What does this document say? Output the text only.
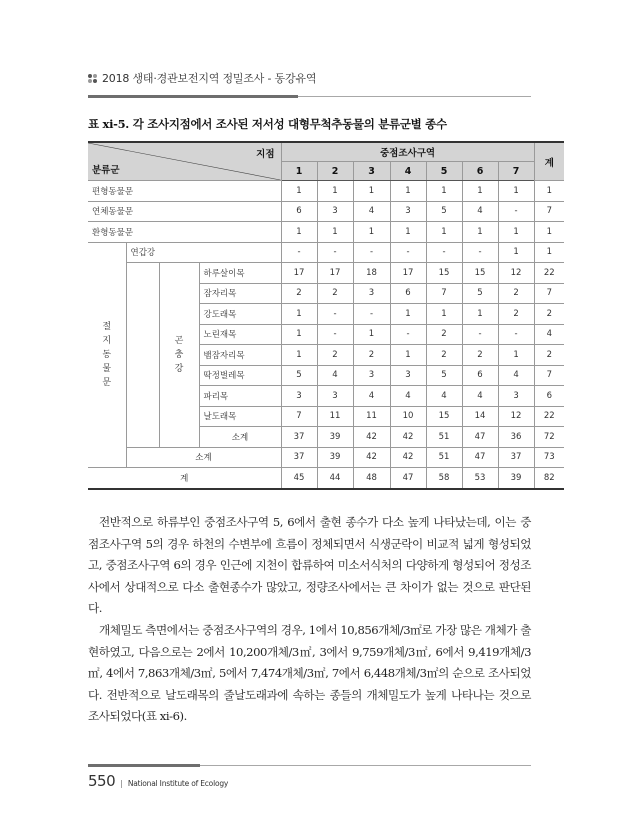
2018 생태·경관보전지역 정밀조사 - 동강유역
표 xi-5. 각 조사지점에서 조사된 저서성 대형무척추동물의 분류군별 종수
지점
분류군				중점조사구역							계
				1	2	3	4	5	6	7	
편형동물문				1	1	1	1	1	1	1	1
연체동물문				6	3	4	3	5	4	-	7
환형동물문				1	1	1	1	1	1	1	1

절
지
동
물
문	연갑강			-	-	-	-	-	-	1	1

		곤
충
강	하루살이목	17	17	18	17	15	15	12	22
			잠자리목	2	2	3	6	7	5	2	7
			강도래목	1	-	-	1	1	1	2	2
			노린재목	1	-	1	-	2	-	-	4
			뱀잠자리목	1	2	2	1	2	2	1	2
			딱정벌레목	5	4	3	3	5	6	4	7
			파리목	3	3	4	4	4	4	3	6
			날도래목	7	11	11	10	15	14	12	22
			소계	37	39	42	42	51	47	36	72
	소계			37	39	42	42	51	47	37	73
계				45	44	48	47	58	53	39	82

전반적으로 하류부인 중점조사구역 5, 6에서 출현 종수가 다소 높게 나타났는데, 이는 중점조사구역 5의 경우 하천의 수변부에 흐름이 정체되면서 식생군락이 비교적 넓게 형성되었고, 중점조사구역 6의 경우 인근에 지천이 합류하여 미소서식처의 다양하게 형성되어 정성조사에서 상대적으로 다소 출현종수가 많았고, 정량조사에서는 큰 차이가 없는 것으로 판단된다.

개체밀도 측면에서는 중점조사구역의 경우, 1에서 10,856개체/3㎡로 가장 많은 개체가 출현하였고, 다음으로는 2에서 10,200개체/3㎡, 3에서 9,759개체/3㎡, 6에서 9,419개체/3㎡, 4에서 7,863개체/3㎡, 5에서 7,474개체/3㎡, 7에서 6,448개체/3㎡의 순으로 조사되었다. 전반적으로 날도래목의 줄날도래과에 속하는 종들의 개체밀도가 높게 나타나는 것으로 조사되었다(표 xi-6).

550 | National Institute of Ecology
